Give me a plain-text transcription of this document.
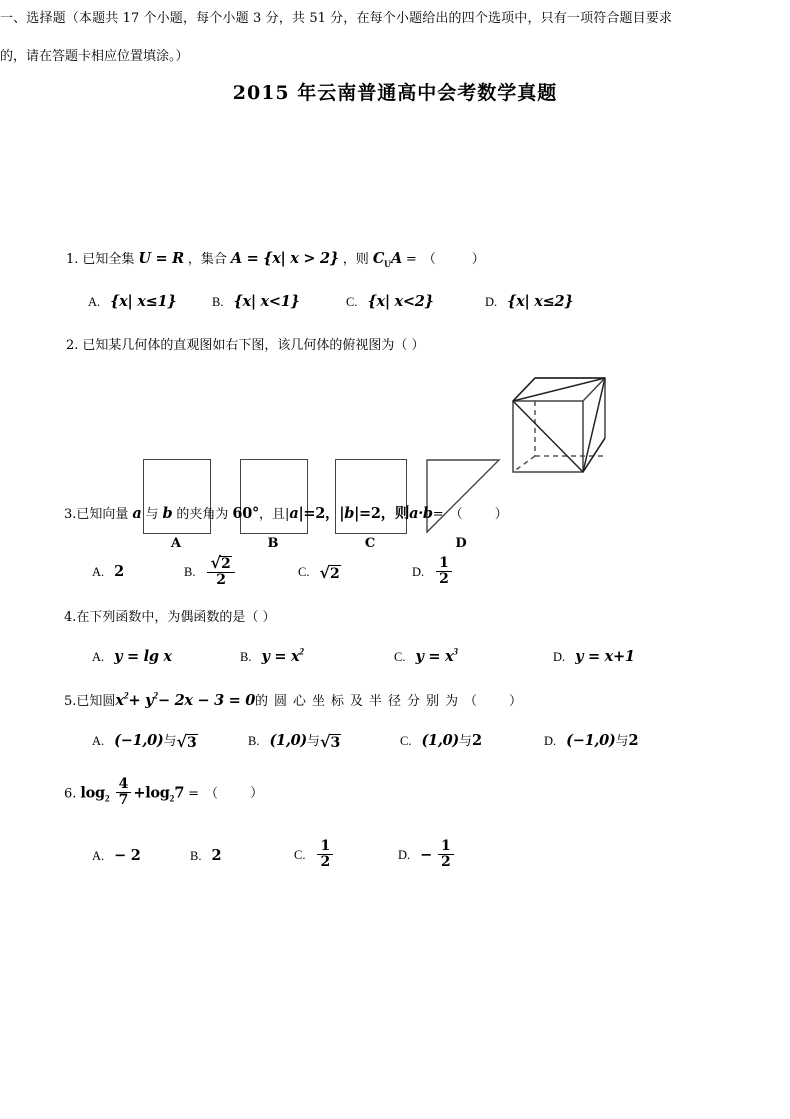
2015 年云南普通高中会考数学真题
一、选择题（本题共 17 个小题，每个小题 3 分，共 51 分，在每个小题给出的四个选项中，只有一项符合题目要求的，请在答题卡相应位置填涂。）
1. 已知全集 U = R ，集合 A = {x| x > 2} ，则 $C_UA$ =（ ）
A. {x| x≤1}	B. {x| x<1}	C. {x| x<2}	D. {x| x≤2}
2. 已知某几何体的直观图如右下图，该几何体的俯视图为（ ）
A	B	C	D
3.已知向量 a 与 b 的夹角为 60°，且|a|=2，|b|=2，则a·b=（ ）
A. 2	B. $\frac{√2}{2}$	C. √2	D. $\frac{1}{2}$
4.在下列函数中，为偶函数的是（ ）
A. y = lg x	B. $y = x^2$	C. $y = x^3$	D. y = x+1
5.已知圆$x^2+ y^2- 2x - 3 = 0$的圆心坐标及半径分别为（ ）
A. (−1,0)与√3	B. (1,0)与√3	C. (1,0)与2	D. (−1,0)与2
6. $\log_2 \frac{4}{7} +\log_27$ =（ ）
A. − 2	B. 2	C. $\frac{1}{2}$	D. − $\frac{1}{2}$
